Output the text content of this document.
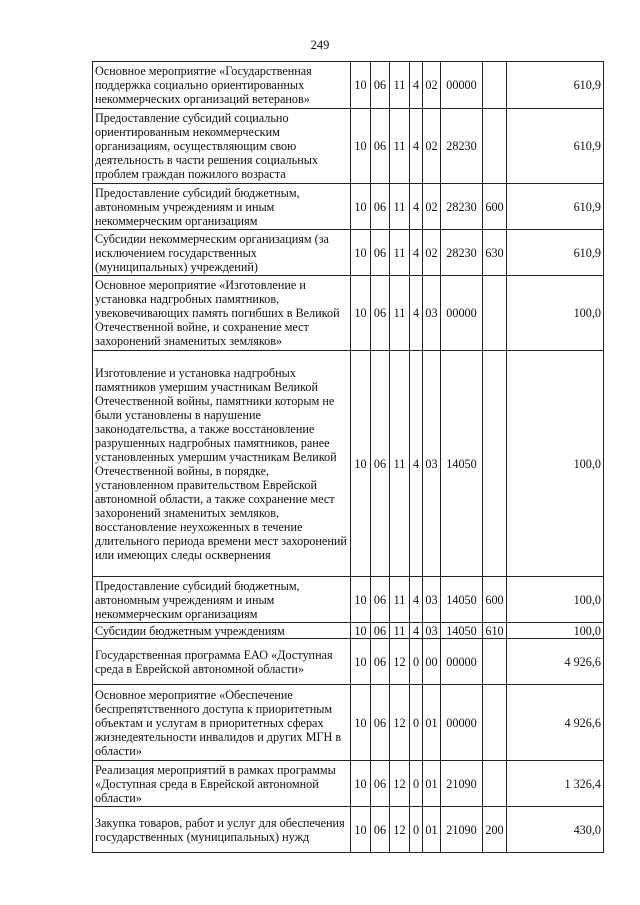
249
Основное мероприятие «Государственная поддержка социально ориентированных некоммерческих организаций ветеранов»	10	06	11	4	02	00000		610,9
Предоставление субсидий социально ориентированным некоммерческим организациям, осуществляющим свою деятельность в части решения социальных проблем граждан пожилого возраста	10	06	11	4	02	28230		610,9
Предоставление субсидий бюджетным, автономным учреждениям и иным некоммерческим организациям	10	06	11	4	02	28230	600	610,9
Субсидии некоммерческим организациям (за исключением государственных (муниципальных) учреждений)	10	06	11	4	02	28230	630	610,9
Основное мероприятие «Изготовление и установка надгробных памятников, увековечивающих память погибших в Великой Отечественной войне, и сохранение мест захоронений знаменитых земляков»	10	06	11	4	03	00000		100,0
Изготовление и установка надгробных памятников умершим участникам Великой Отечественной войны, памятники которым не были установлены в нарушение законодательства, а также восстановление разрушенных надгробных памятников, ранее установленных умершим участникам Великой Отечественной войны, в порядке, установленном правительством Еврейской автономной области, а также сохранение мест захоронений знаменитых земляков, восстановление неухоженных в течение длительного периода времени мест захоронений или имеющих следы осквернения	10	06	11	4	03	14050		100,0
Предоставление субсидий бюджетным, автономным учреждениям и иным некоммерческим организациям	10	06	11	4	03	14050	600	100,0
Субсидии бюджетным учреждениям	10	06	11	4	03	14050	610	100,0
Государственная программа ЕАО «Доступная среда в Еврейской автономной области»	10	06	12	0	00	00000		4 926,6
Основное мероприятие «Обеспечение беспрепятственного доступа к приоритетным объектам и услугам в приоритетных сферах жизнедеятельности инвалидов и других МГН в области»	10	06	12	0	01	00000		4 926,6
Реализация мероприятий в рамках программы «Доступная среда в Еврейской автономной области»	10	06	12	0	01	21090		1 326,4
Закупка товаров, работ и услуг для обеспечения государственных (муниципальных) нужд	10	06	12	0	01	21090	200	430,0
